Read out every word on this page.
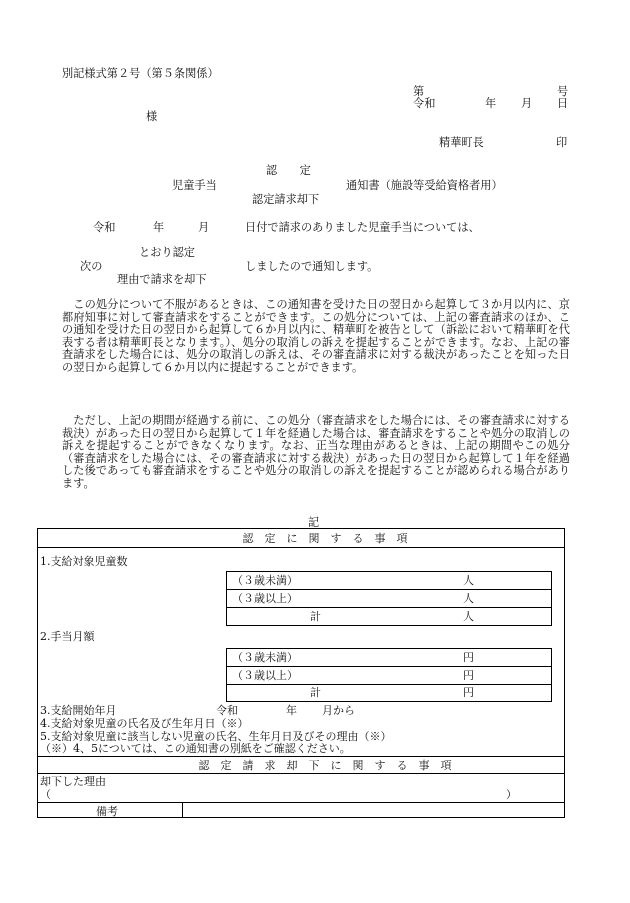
別記様式第２号（第５条関係）
第	号
令和	年 月 日
様
精華町長	印
認　　定
児童手当	通知書（施設等受給資格者用）
認定請求却下
令和	年	月	日付で請求のありました児童手当については、
とおり認定
次の	しましたので通知します。
理由で請求を却下
　この処分について不服があるときは、この通知書を受けた日の翌日から起算して３か月以内に、京都府知事に対して審査請求をすることができます。この処分については、上記の審査請求のほか、この通知を受けた日の翌日から起算して６か月以内に、精華町を被告として（訴訟において精華町を代表する者は精華町長となります。）、処分の取消しの訴えを提起することができます。なお、上記の審査請求をした場合には、処分の取消しの訴えは、その審査請求に対する裁決があったことを知った日の翌日から起算して６か月以内に提起することができます。
　ただし、上記の期間が経過する前に、この処分（審査請求をした場合には、その審査請求に対する裁決）があった日の翌日から起算して１年を経過した場合は、審査請求をすることや処分の取消しの訴えを提起することができなくなります。なお、正当な理由があるときは、上記の期間やこの処分（審査請求をした場合には、その審査請求に対する裁決）があった日の翌日から起算して１年を経過した後であっても審査請求をすることや処分の取消しの訴えを提起することが認められる場合があります。
記
認　定　に　関　す　る　事　項
1.支給対象児童数
（３歳未満）	人
（３歳以上）	人
計	人
2.手当月額
（３歳未満）	円
（３歳以上）	円
計	円
3.支給開始年月	令和	年 月から
4.支給対象児童の氏名及び生年月日（※）
5.支給対象児童に該当しない児童の氏名、生年月日及びその理由（※）
（※）4、5については、この通知書の別紙をご確認ください。
認　定　請　求　却　下　に　関　す　る　事　項
却下した理由
（	）
備考
